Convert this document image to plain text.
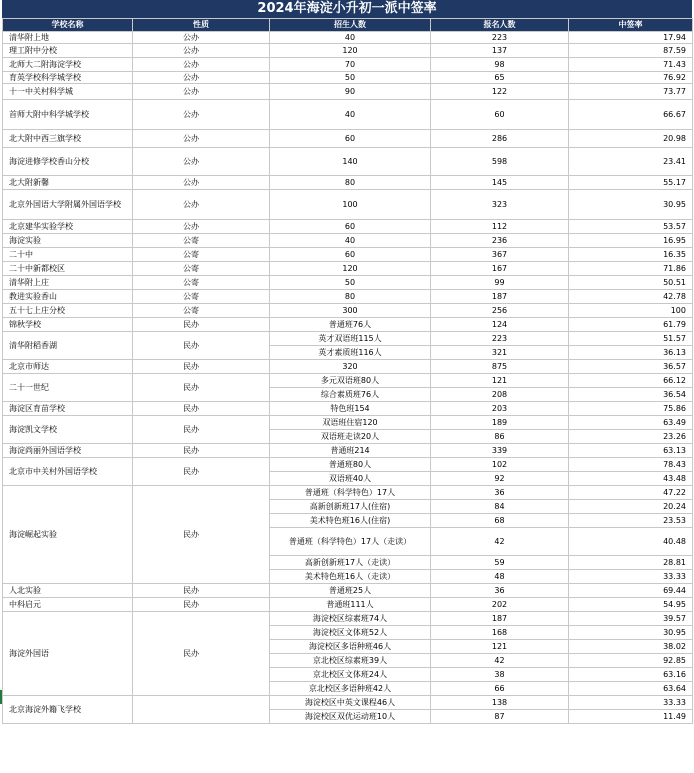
2024年海淀小升初一派中签率
学校名称	性质	招生人数	报名人数	中签率
清华附上地	公办	40	223	17.94
理工附中分校	公办	120	137	87.59
北师大二附海淀学校	公办	70	98	71.43
育英学校科学城学校	公办	50	65	76.92
十一中关村科学城	公办	90	122	73.77
首师大附中科学城学校	公办	40	60	66.67
北大附中西三旗学校	公办	60	286	20.98
海淀进修学校香山分校	公办	140	598	23.41
北大附新馨	公办	80	145	55.17
北京外国语大学附属外国语学校	公办	100	323	30.95
北京建华实验学校	公办	60	112	53.57
海淀实验	公寄	40	236	16.95
二十中	公寄	60	367	16.35
二十中新都校区	公寄	120	167	71.86
清华附上庄	公寄	50	99	50.51
教进实验香山	公寄	80	187	42.78
五十七上庄分校	公寄	300	256	100
锦秋学校	民办	普通班76人	124	61.79
清华附稻香湖	民办	英才双语班115人	223	51.57
		英才素质班116人	321	36.13
北京市师达	民办	320	875	36.57
二十一世纪	民办	多元双语班80人	121	66.12
		综合素质班76人	208	36.54
海淀区育苗学校	民办	特色班154	203	75.86
海淀凯文学校	民办	双语班住宿120	189	63.49
		双语班走读20人	86	23.26
海淀尚丽外国语学校	民办	普通班214	339	63.13
北京市中关村外国语学校	民办	普通班80人	102	78.43
		双语班40人	92	43.48
海淀崛起实验	民办	普通班（科学特色）17人	36	47.22
		高新创新班17人(住宿)	84	20.24
		美术特色班16人(住宿)	68	23.53
		普通班（科学特色）17人（走读）	42	40.48
		高新创新班17人（走读）	59	28.81
		美术特色班16人（走读）	48	33.33
人北实验	民办	普通班25人	36	69.44
中科启元	民办	普通班111人	202	54.95
海淀外国语	民办	海淀校区综素班74人	187	39.57
		海淀校区文体班52人	168	30.95
		海淀校区多语种班46人	121	38.02
		京北校区综素班39人	42	92.85
		京北校区文体班24人	38	63.16
		京北校区多语种班42人	66	63.64
北京海淀外籍飞学校		海淀校区中英文课程46人	138	33.33
		海淀校区双优运动班10人	87	11.49
